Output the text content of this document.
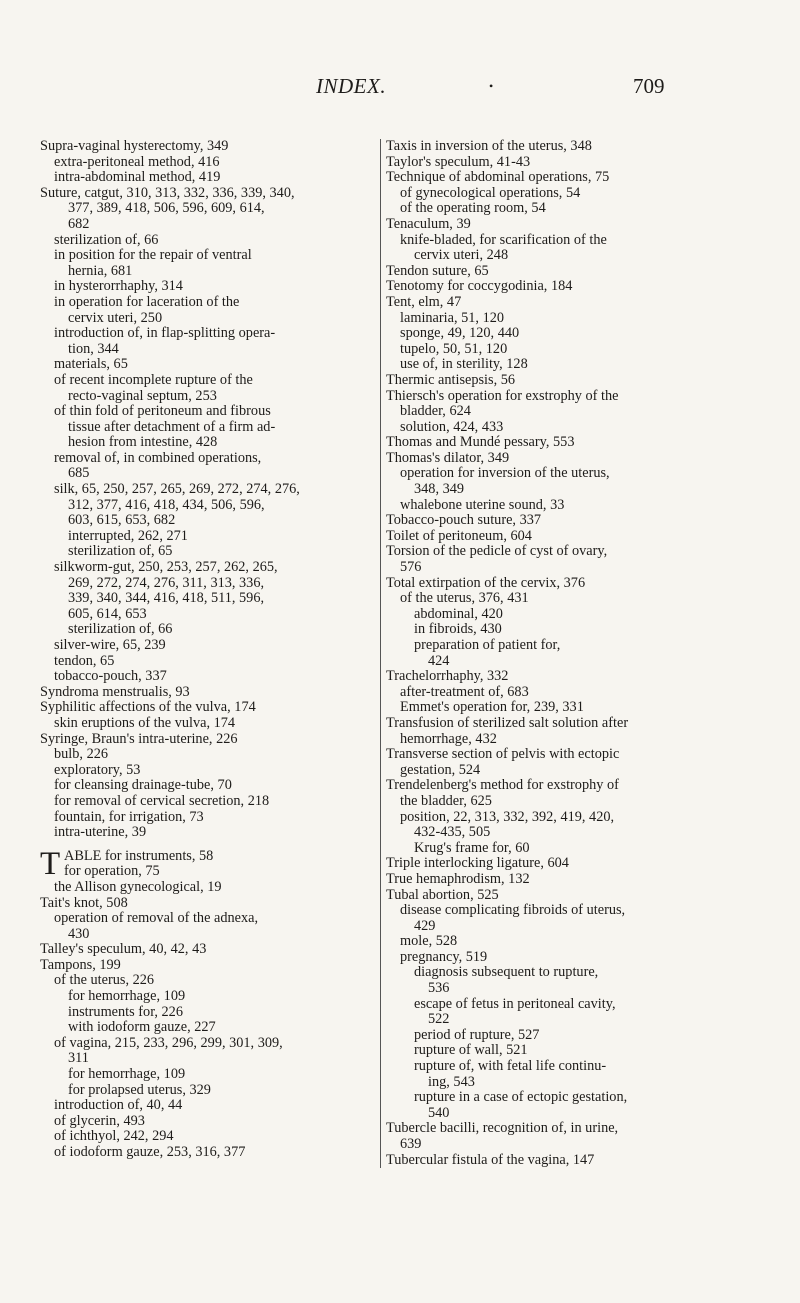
INDEX.	•	709
Supra-vaginal hysterectomy, 349
extra-peritoneal method, 416
intra-abdominal method, 419
Suture, catgut, 310, 313, 332, 336, 339, 340,
377, 389, 418, 506, 596, 609, 614,
682
sterilization of, 66
in position for the repair of ventral
hernia, 681
in hysterorrhaphy, 314
in operation for laceration of the
cervix uteri, 250
introduction of, in flap-splitting opera-
tion, 344
materials, 65
of recent incomplete rupture of the
recto-vaginal septum, 253
of thin fold of peritoneum and fibrous
tissue after detachment of a firm ad-
hesion from intestine, 428
removal of, in combined operations,
685
silk, 65, 250, 257, 265, 269, 272, 274, 276,
312, 377, 416, 418, 434, 506, 596,
603, 615, 653, 682
interrupted, 262, 271
sterilization of, 65
silkworm-gut, 250, 253, 257, 262, 265,
269, 272, 274, 276, 311, 313, 336,
339, 340, 344, 416, 418, 511, 596,
605, 614, 653
sterilization of, 66
silver-wire, 65, 239
tendon, 65
tobacco-pouch, 337
Syndroma menstrualis, 93
Syphilitic affections of the vulva, 174
skin eruptions of the vulva, 174
Syringe, Braun's intra-uterine, 226
bulb, 226
exploratory, 53
for cleansing drainage-tube, 70
for removal of cervical secretion, 218
fountain, for irrigation, 73
intra-uterine, 39
T ABLE for instruments, 58
for operation, 75
the Allison gynecological, 19
Tait's knot, 508
operation of removal of the adnexa,
430
Talley's speculum, 40, 42, 43
Tampons, 199
of the uterus, 226
for hemorrhage, 109
instruments for, 226
with iodoform gauze, 227
of vagina, 215, 233, 296, 299, 301, 309,
311
for hemorrhage, 109
for prolapsed uterus, 329
introduction of, 40, 44
of glycerin, 493
of ichthyol, 242, 294
of iodoform gauze, 253, 316, 377
Taxis in inversion of the uterus, 348
Taylor's speculum, 41-43
Technique of abdominal operations, 75
of gynecological operations, 54
of the operating room, 54
Tenaculum, 39
knife-bladed, for scarification of the
cervix uteri, 248
Tendon suture, 65
Tenotomy for coccygodinia, 184
Tent, elm, 47
laminaria, 51, 120
sponge, 49, 120, 440
tupelo, 50, 51, 120
use of, in sterility, 128
Thermic antisepsis, 56
Thiersch's operation for exstrophy of the
bladder, 624
solution, 424, 433
Thomas and Mundé pessary, 553
Thomas's dilator, 349
operation for inversion of the uterus,
348, 349
whalebone uterine sound, 33
Tobacco-pouch suture, 337
Toilet of peritoneum, 604
Torsion of the pedicle of cyst of ovary,
576
Total extirpation of the cervix, 376
of the uterus, 376, 431
abdominal, 420
in fibroids, 430
preparation of patient for,
424
Trachelorrhaphy, 332
after-treatment of, 683
Emmet's operation for, 239, 331
Transfusion of sterilized salt solution after
hemorrhage, 432
Transverse section of pelvis with ectopic
gestation, 524
Trendelenberg's method for exstrophy of
the bladder, 625
position, 22, 313, 332, 392, 419, 420,
432-435, 505
Krug's frame for, 60
Triple interlocking ligature, 604
True hemaphrodism, 132
Tubal abortion, 525
disease complicating fibroids of uterus,
429
mole, 528
pregnancy, 519
diagnosis subsequent to rupture,
536
escape of fetus in peritoneal cavity,
522
period of rupture, 527
rupture of wall, 521
rupture of, with fetal life continu-
ing, 543
rupture in a case of ectopic gestation,
540
Tubercle bacilli, recognition of, in urine,
639
Tubercular fistula of the vagina, 147
